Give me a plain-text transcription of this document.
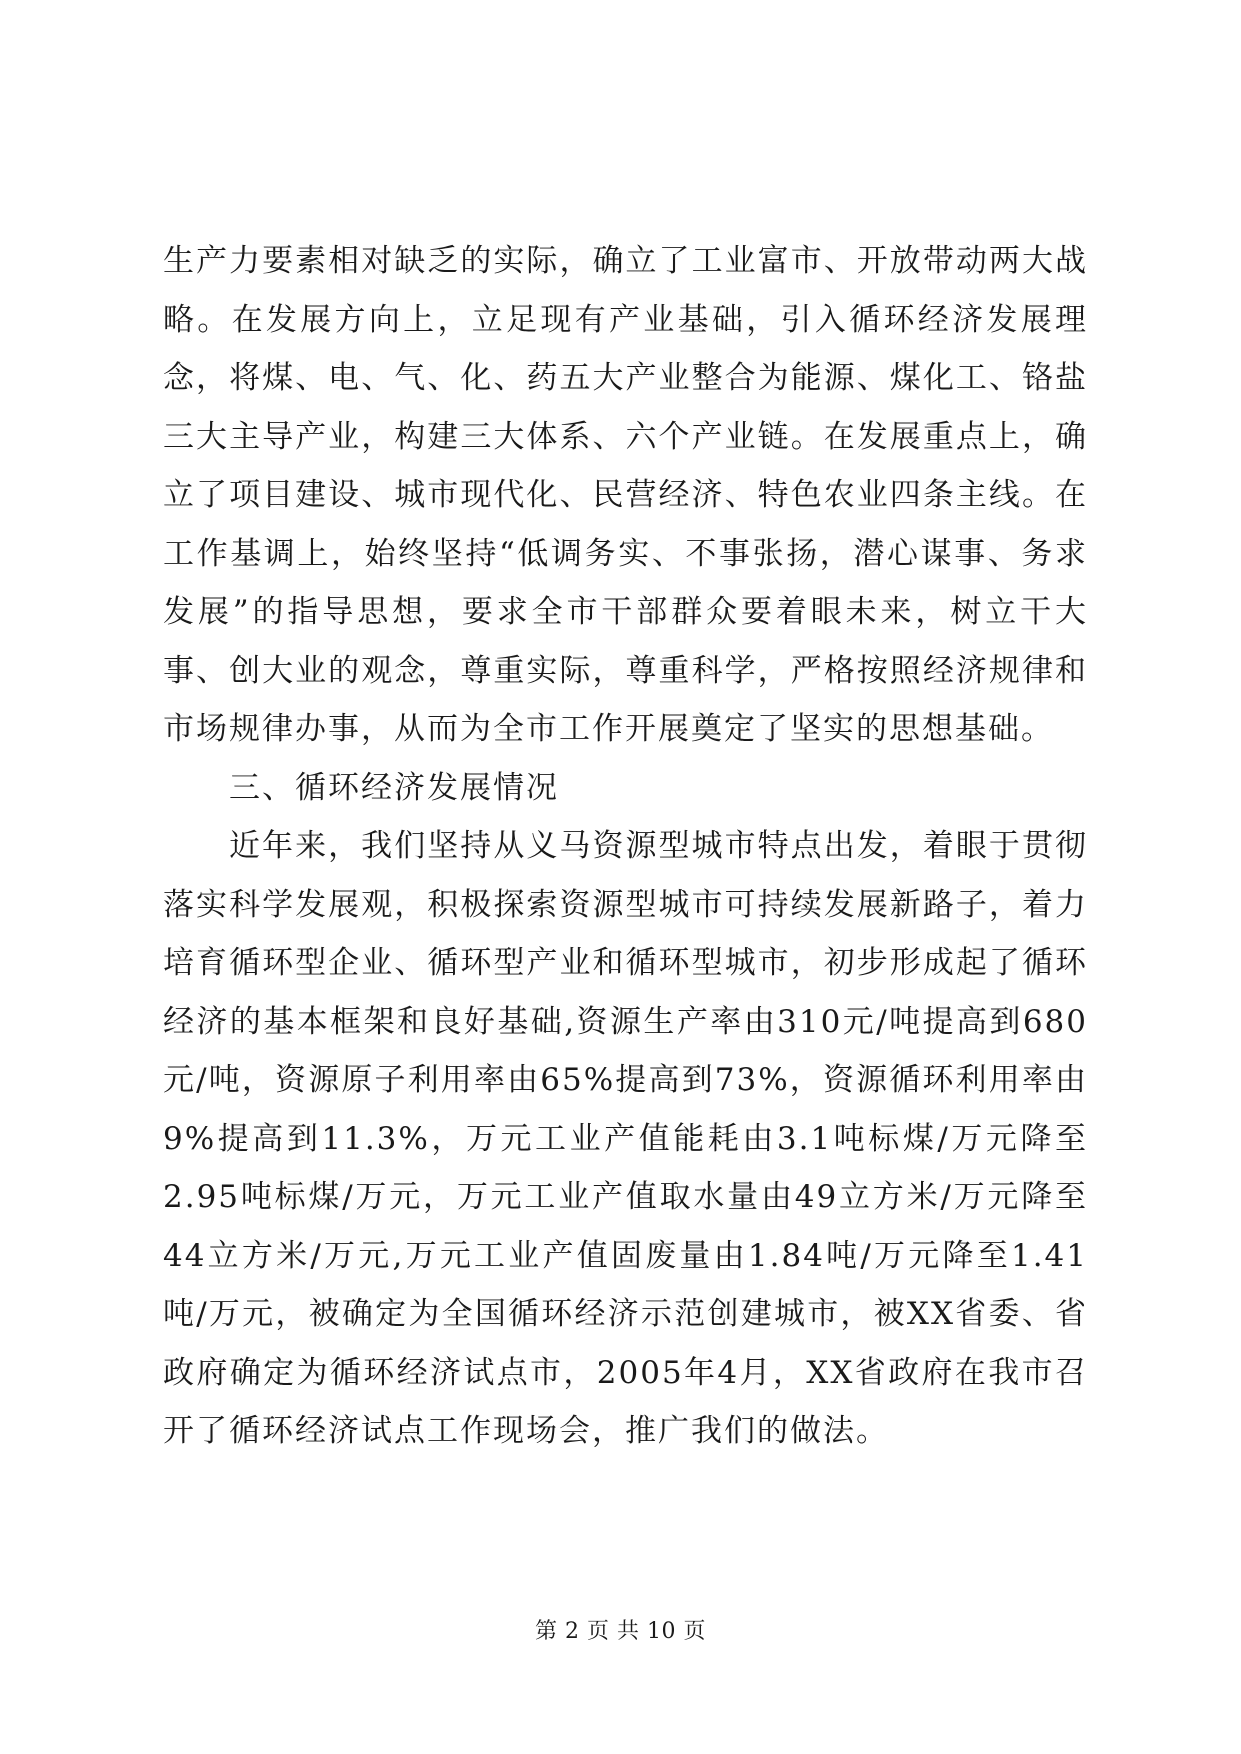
生产力要素相对缺乏的实际，确立了工业富市、开放带动两大战略。在发展方向上，立足现有产业基础，引入循环经济发展理念，将煤、电、气、化、药五大产业整合为能源、煤化工、铬盐三大主导产业，构建三大体系、六个产业链。在发展重点上，确立了项目建设、城市现代化、民营经济、特色农业四条主线。在工作基调上，始终坚持“低调务实、不事张扬，潜心谋事、务求发展”的指导思想，要求全市干部群众要着眼未来，树立干大事、创大业的观念，尊重实际，尊重科学，严格按照经济规律和市场规律办事，从而为全市工作开展奠定了坚实的思想基础。

三、循环经济发展情况

近年来，我们坚持从义马资源型城市特点出发，着眼于贯彻落实科学发展观，积极探索资源型城市可持续发展新路子，着力培育循环型企业、循环型产业和循环型城市，初步形成起了循环经济的基本框架和良好基础,资源生产率由310元/吨提高到680元/吨，资源原子利用率由65%提高到73%，资源循环利用率由9%提高到11.3%，万元工业产值能耗由3.1吨标煤/万元降至2.95吨标煤/万元，万元工业产值取水量由49立方米/万元降至44立方米/万元,万元工业产值固废量由1.84吨/万元降至1.41吨/万元，被确定为全国循环经济示范创建城市，被XX省委、省政府确定为循环经济试点市，2005年4月，XX省政府在我市召开了循环经济试点工作现场会，推广我们的做法。

第 2 页 共 10 页
